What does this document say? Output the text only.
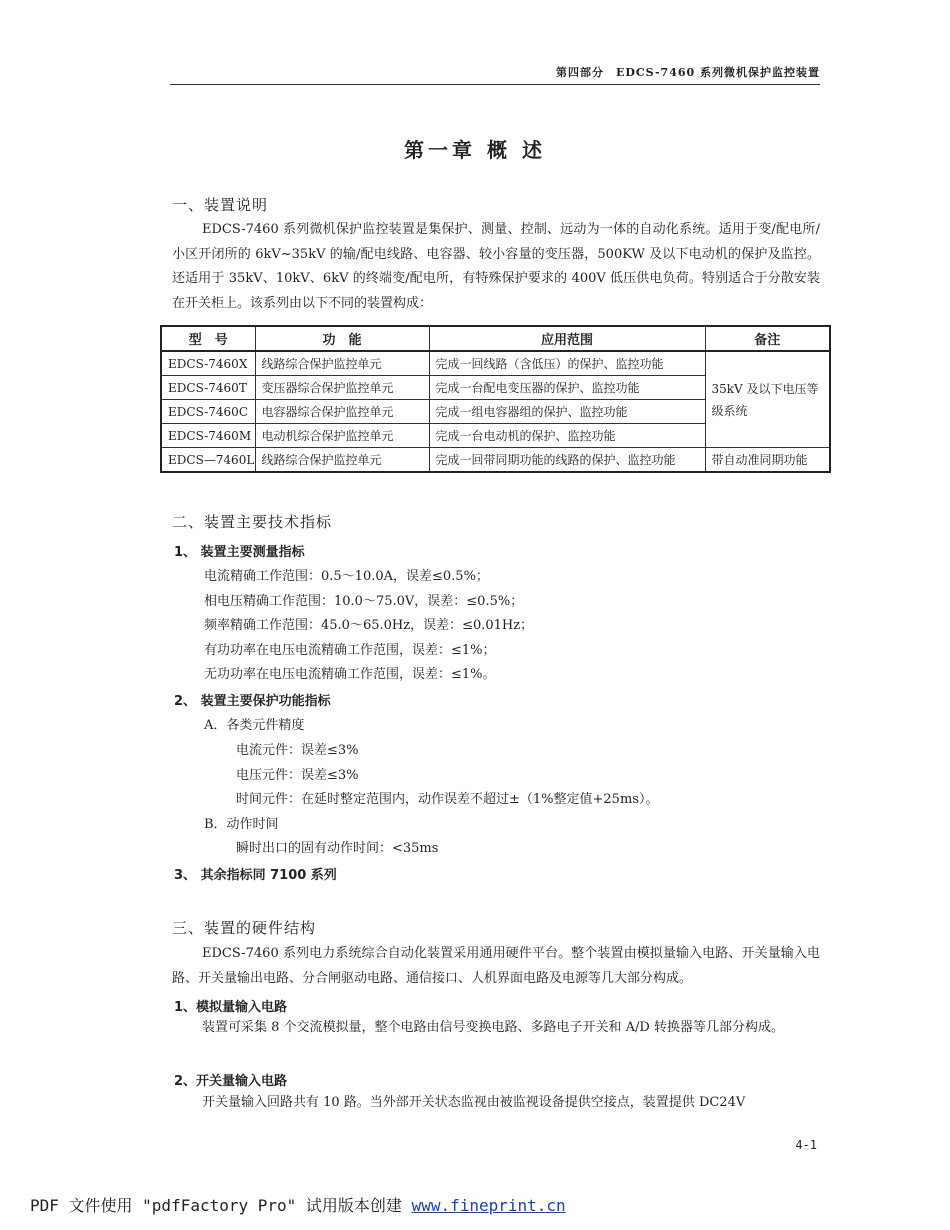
第四部分　EDCS-7460 系列微机保护监控装置
第一章 概 述
一、装置说明
EDCS-7460 系列微机保护监控装置是集保护、测量、控制、远动为一体的自动化系统。适用于变/配电所/小区开闭所的 6kV~35kV 的输/配电线路、电容器、较小容量的变压器，500KW 及以下电动机的保护及监控。 还适用于 35kV、10kV、6kV 的终端变/配电所，有特殊保护要求的 400V 低压供电负荷。特别适合于分散安装在开关柜上。该系列由以下不同的装置构成：
型　号	功　能	应用范围	备注
EDCS-7460X	线路综合保护监控单元	完成一回线路（含低压）的保护、监控功能	35kV 及以下电压等级系统
EDCS-7460T	变压器综合保护监控单元	完成一台配电变压器的保护、监控功能	
EDCS-7460C	电容器综合保护监控单元	完成一组电容器组的保护、监控功能	
EDCS-7460M	电动机综合保护监控单元	完成一台电动机的保护、监控功能	
EDCS—7460L	线路综合保护监控单元	完成一回带同期功能的线路的保护、监控功能	带自动准同期功能
二、装置主要技术指标
1、 装置主要测量指标
电流精确工作范围：0.5～10.0A，误差≤0.5%；
相电压精确工作范围：10.0～75.0V，误差：≤0.5%；
频率精确工作范围：45.0～65.0Hz，误差：≤0.01Hz；
有功功率在电压电流精确工作范围，误差：≤1%；
无功功率在电压电流精确工作范围，误差：≤1%。
2、 装置主要保护功能指标
A．各类元件精度
电流元件：误差≤3%
电压元件：误差≤3%
时间元件：在延时整定范围内，动作误差不超过±（1%整定值+25ms）。
B．动作时间
瞬时出口的固有动作时间：<35ms
3、 其余指标同 7100 系列
三、装置的硬件结构
EDCS-7460 系列电力系统综合自动化装置采用通用硬件平台。整个装置由模拟量输入电路、开关量输入电路、开关量输出电路、分合闸驱动电路、通信接口、人机界面电路及电源等几大部分构成。
1、模拟量输入电路
装置可采集 8 个交流模拟量，整个电路由信号变换电路、多路电子开关和 A/D 转换器等几部分构成。
2、开关量输入电路
开关量输入回路共有 10 路。当外部开关状态监视由被监视设备提供空接点，装置提供 DC24V
4-1
PDF 文件使用 "pdfFactory Pro" 试用版本创建 www.fineprint.cn
